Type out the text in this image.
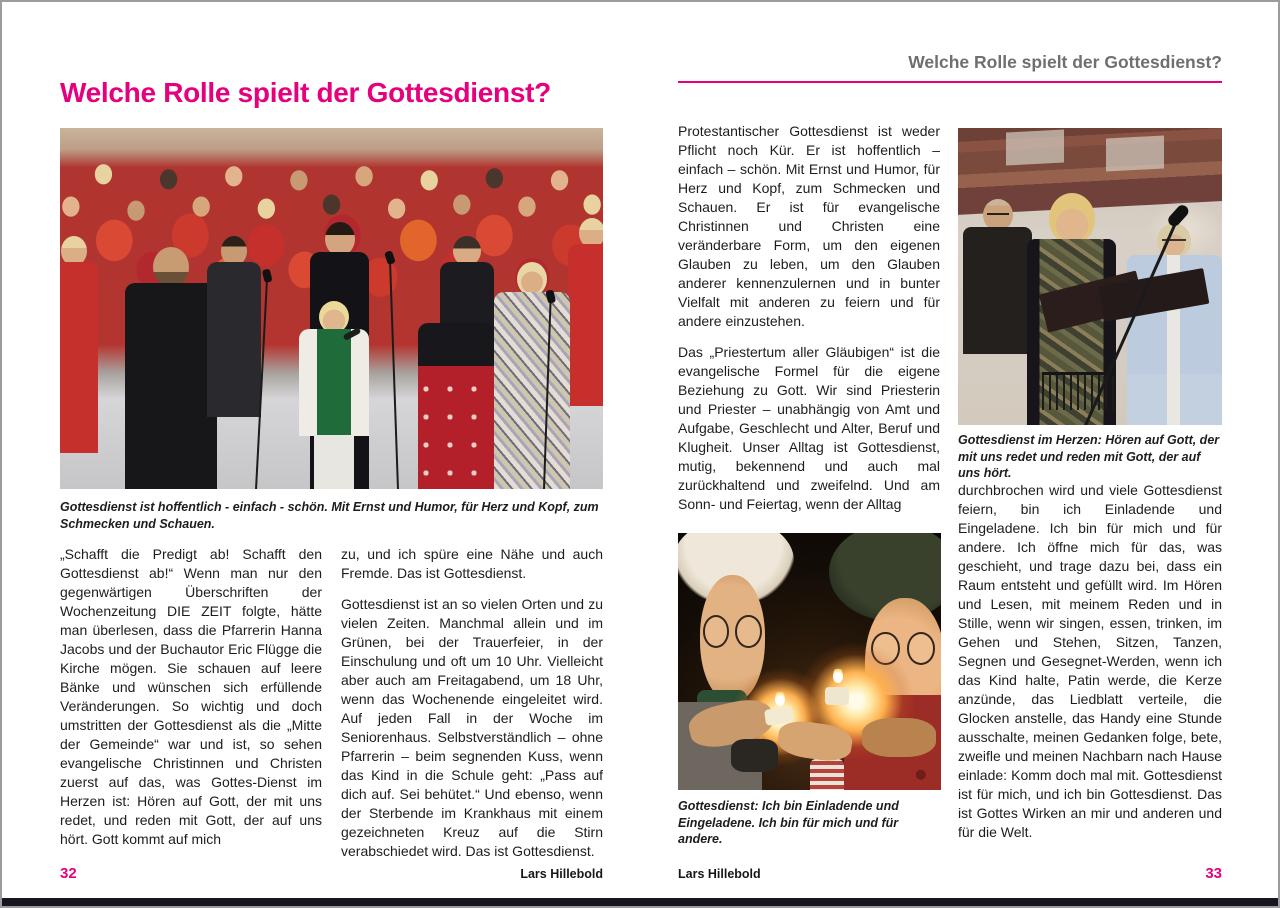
Welche Rolle spielt der Gottesdienst?
Gottesdienst ist hoffentlich - einfach - schön. Mit Ernst und Humor, für Herz und Kopf, zum Schmecken und Schauen.

„Schafft die Predigt ab! Schafft den Gottesdienst ab!“ Wenn man nur den gegenwärtigen Überschriften der Wochenzeitung DIE ZEIT folgte, hätte man überlesen, dass die Pfarrerin Hanna Jacobs und der Buchautor Eric Flügge die Kirche mögen. Sie schauen auf leere Bänke und wünschen sich erfüllende Veränderungen. So wichtig und doch umstritten der Gottesdienst als die „Mitte der Gemeinde“ war und ist, so sehen evangelische Christinnen und Christen zuerst auf das, was Gottes-Dienst im Herzen ist: Hören auf Gott, der mit uns redet, und reden mit Gott, der auf uns hört. Gott kommt auf mich

zu, und ich spüre eine Nähe und auch Fremde. Das ist Gottesdienst.

Gottesdienst ist an so vielen Orten und zu vielen Zeiten. Manchmal allein und im Grünen, bei der Trauerfeier, in der Einschulung und oft um 10 Uhr. Vielleicht aber auch am Freitagabend, um 18 Uhr, wenn das Wochenende eingeleitet wird. Auf jeden Fall in der Woche im Seniorenhaus. Selbstverständlich – ohne Pfarrerin – beim segnenden Kuss, wenn das Kind in die Schule geht: „Pass auf dich auf. Sei behütet.“ Und ebenso, wenn der Sterbende im Krankhaus mit einem gezeichneten Kreuz auf die Stirn verabschiedet wird. Das ist Gottesdienst.

32	Lars Hillebold
Welche Rolle spielt der Gottesdienst?

Protestantischer Gottesdienst ist weder Pflicht noch Kür. Er ist hoffentlich – einfach – schön. Mit Ernst und Humor, für Herz und Kopf, zum Schmecken und Schauen. Er ist für evangelische Christinnen und Christen eine veränderbare Form, um den eigenen Glauben zu leben, um den Glauben anderer kennenzulernen und in bunter Vielfalt mit anderen zu feiern und für andere einzustehen.

Das „Priestertum aller Gläubigen“ ist die evangelische Formel für die eigene Beziehung zu Gott. Wir sind Priesterin und Priester – unabhängig von Amt und Aufgabe, Geschlecht und Alter, Beruf und Klugheit. Unser Alltag ist Gottesdienst, mutig, bekennend und auch mal zurückhaltend und zweifelnd. Und am Sonn- und Feiertag, wenn der Alltag

Gottesdienst im Herzen: Hören auf Gott, der mit uns redet und reden mit Gott, der auf uns hört.

durchbrochen wird und viele Gottesdienst feiern, bin ich Einladende und Eingeladene. Ich bin für mich und für andere. Ich öffne mich für das, was geschieht, und trage dazu bei, dass ein Raum entsteht und gefüllt wird. Im Hören und Lesen, mit meinem Reden und in Stille, wenn wir singen, essen, trinken, im Gehen und Stehen, Sitzen, Tanzen, Segnen und Gesegnet-Werden, wenn ich das Kind halte, Patin werde, die Kerze anzünde, das Liedblatt verteile, die Glocken anstelle, das Handy eine Stunde ausschalte, meinen Gedanken folge, bete, zweifle und meinen Nachbarn nach Hause einlade: Komm doch mal mit. Gottesdienst ist für mich, und ich bin Gottesdienst. Das ist Gottes Wirken an mir und anderen und für die Welt.

Gottesdienst: Ich bin Einladende und Eingeladene. Ich bin für mich und für andere.
Lars Hillebold	33
